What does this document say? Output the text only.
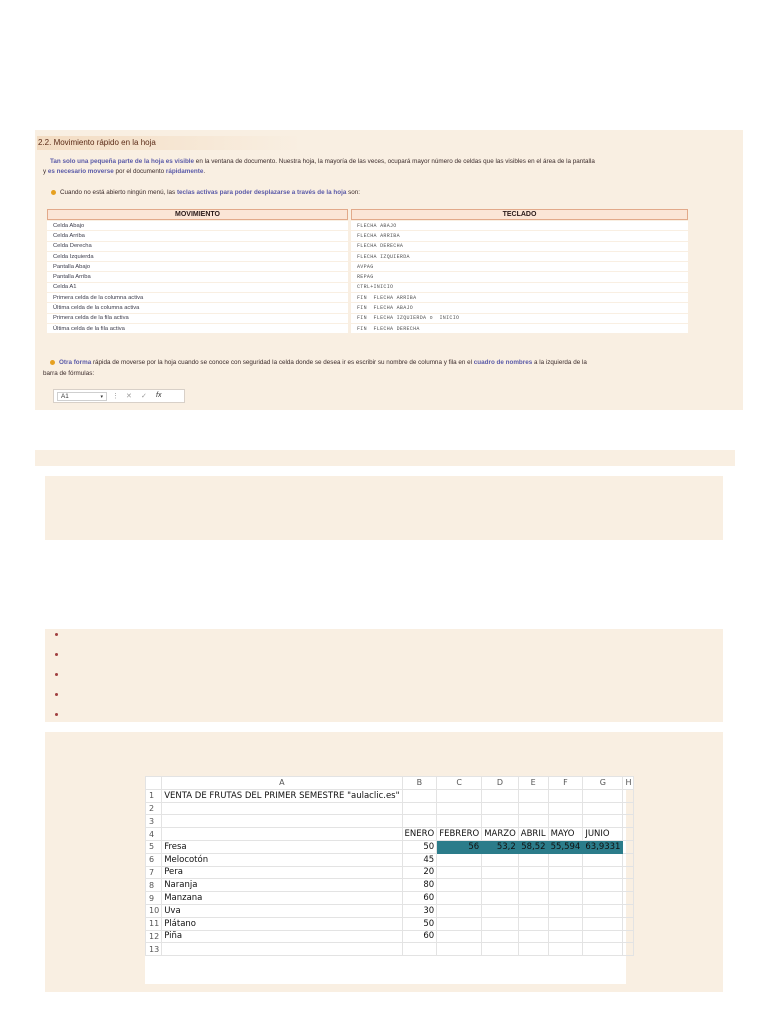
2.2. Movimiento rápido en la hoja
Tan solo una pequeña parte de la hoja es visible en la ventana de documento. Nuestra hoja, la mayoría de las veces, ocupará mayor número de celdas que las visibles en el área de la pantalla
y es necesario moverse por el documento rápidamente.
Cuando no está abierto ningún menú, las teclas activas para poder desplazarse a través de la hoja son:
MOVIMIENTO	TECLADO
Celda Abajo	FLECHA ABAJO
Celda Arriba	FLECHA ARRIBA
Celda Derecha	FLECHA DERECHA
Celda Izquierda	FLECHA IZQUIERDA
Pantalla Abajo	AVPAG
Pantalla Arriba	REPAG
Celda A1	CTRL+INICIO
Primera celda de la columna activa	FIN  FLECHA ARRIBA
Última celda de la columna activa	FIN  FLECHA ABAJO
Primera celda de la fila activa	FIN  FLECHA IZQUIERDA o  INICIO
Última celda de la fila activa	FIN  FLECHA DERECHA
Otra forma rápida de moverse por la hoja cuando se conoce con seguridad la celda donde se desea ir es escribir su nombre de columna y fila en el cuadro de nombres a la izquierda de la
barra de fórmulas:
A1	▾ ⋮ ✕ ✓ fx
	A	B	C	D	E	F	G	H
1	VENTA DE FRUTAS DEL PRIMER SEMESTRE "aulaclic.es"							
2								
3								
4		ENERO	FEBRERO	MARZO	ABRIL	MAYO	JUNIO	
5	Fresa	50	56	53,2	58,52	55,594	63,9331	
6	Melocotón	45						
7	Pera	20						
8	Naranja	80						
9	Manzana	60						
10	Uva	30						
11	Plátano	50						
12	Piña	60						
13								
